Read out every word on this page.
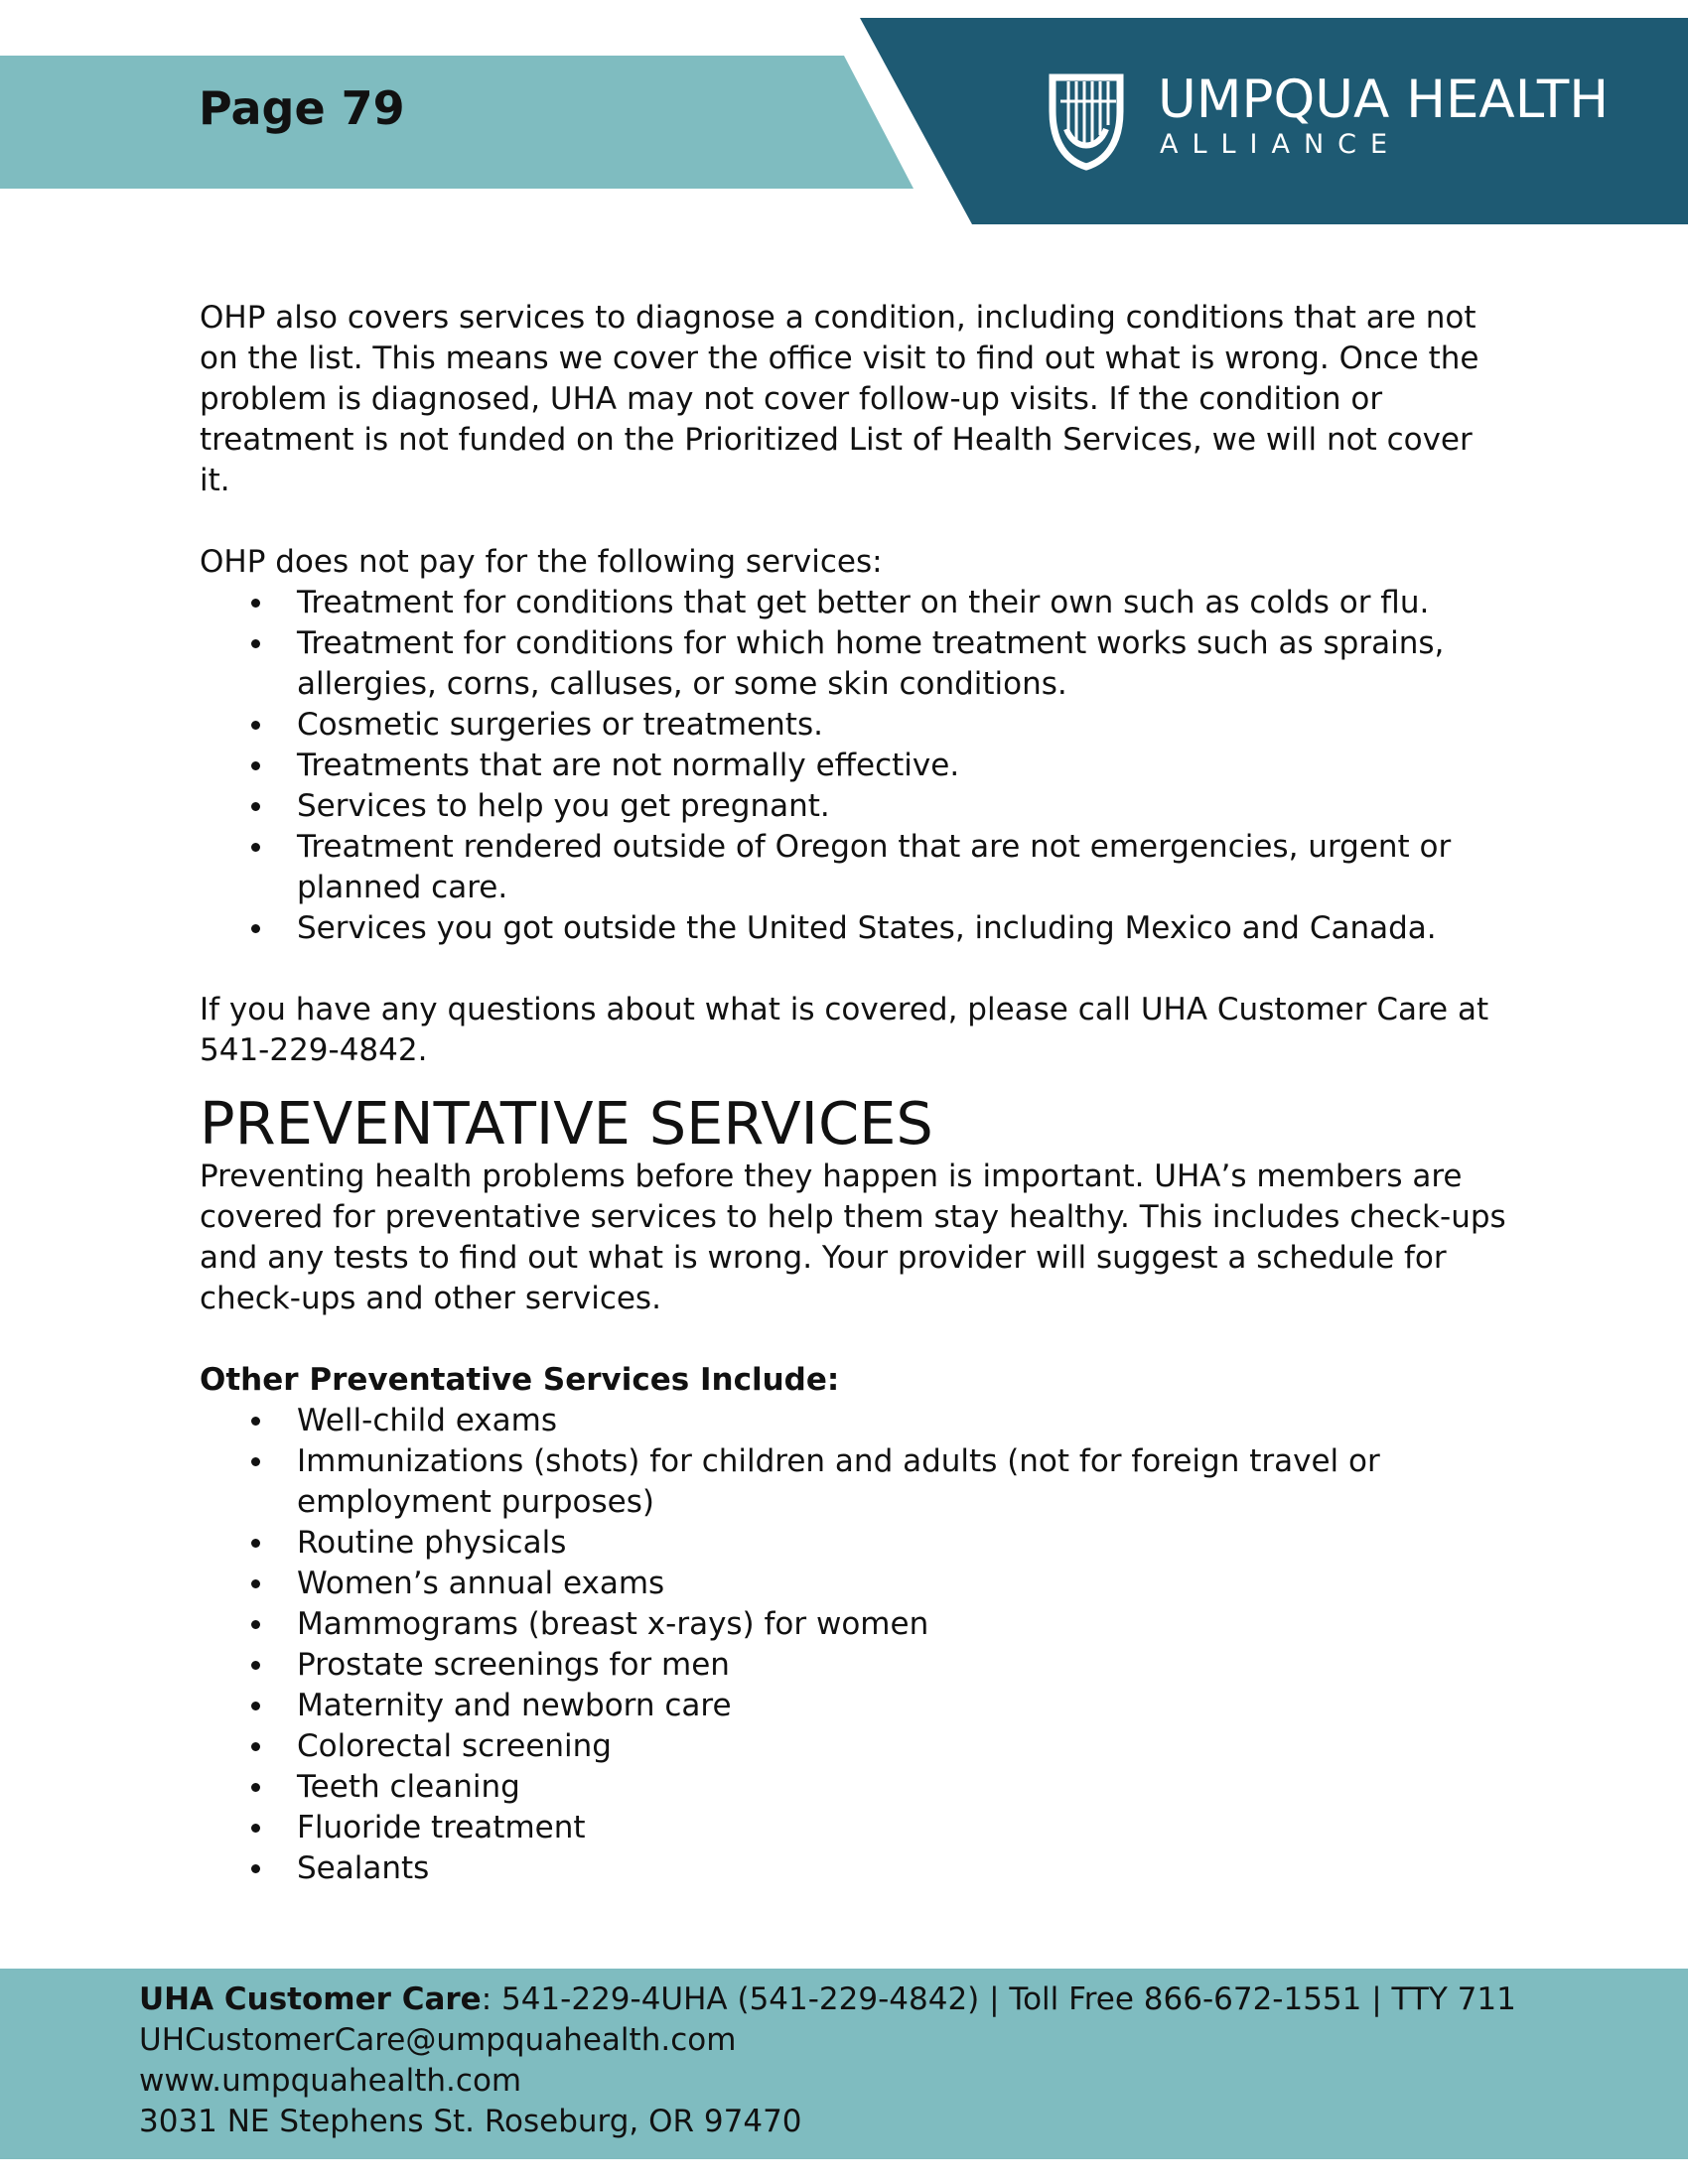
Page 79	UMPQUA HEALTH
ALLIANCE

OHP also covers services to diagnose a condition, including conditions that are not on the list. This means we cover the office visit to find out what is wrong. Once the problem is diagnosed, UHA may not cover follow-up visits. If the condition or treatment is not funded on the Prioritized List of Health Services, we will not cover it.

OHP does not pay for the following services:

Treatment for conditions that get better on their own such as colds or flu.
Treatment for conditions for which home treatment works such as sprains, allergies, corns, calluses, or some skin conditions.
Cosmetic surgeries or treatments.
Treatments that are not normally effective.
Services to help you get pregnant.
Treatment rendered outside of Oregon that are not emergencies, urgent or planned care.
Services you got outside the United States, including Mexico and Canada.

If you have any questions about what is covered, please call UHA Customer Care at 541-229-4842.

PREVENTATIVE SERVICES

Preventing health problems before they happen is important. UHA’s members are covered for preventative services to help them stay healthy. This includes check-ups and any tests to find out what is wrong. Your provider will suggest a schedule for check-ups and other services.

Other Preventative Services Include:

Well-child exams
Immunizations (shots) for children and adults (not for foreign travel or employment purposes)
Routine physicals
Women’s annual exams
Mammograms (breast x-rays) for women
Prostate screenings for men
Maternity and newborn care
Colorectal screening
Teeth cleaning
Fluoride treatment
Sealants
UHA Customer Care: 541-229-4UHA (541-229-4842) | Toll Free 866-672-1551 | TTY 711
UHCustomerCare@umpquahealth.com
www.umpquahealth.com
3031 NE Stephens St. Roseburg, OR 97470
